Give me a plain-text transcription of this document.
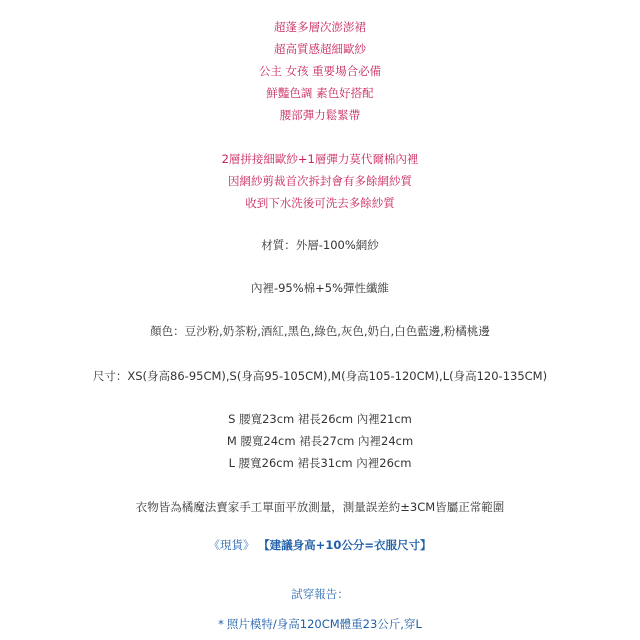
超蓬多層次澎澎裙
超高質感超細歐紗
公主 女孩 重要場合必備
鮮豔色調 素色好搭配
腰部彈力鬆緊帶
2層拼接細歐紗+1層彈力莫代爾棉內裡
因網紗剪裁首次拆封會有多餘網紗質
收到下水洗後可洗去多餘紗質
材質：外層-100%網紗
內裡-95%棉+5%彈性纖維
顏色：豆沙粉,奶茶粉,酒紅,黑色,綠色,灰色,奶白,白色藍邊,粉橘桃邊
尺寸：XS(身高86-95CM),S(身高95-105CM),M(身高105-120CM),L(身高120-135CM)
S 腰寬23cm 裙長26cm 內裡21cm
M 腰寬24cm 裙長27cm 內裡24cm
L 腰寬26cm 裙長31cm 內裡26cm
衣物皆為橘魔法賣家手工單面平放測量，測量誤差約±3CM皆屬正常範圍
《現貨》 【建議身高+10公分=衣服尺寸】
試穿報告：
* 照片模特/身高120CM體重23公斤,穿L
